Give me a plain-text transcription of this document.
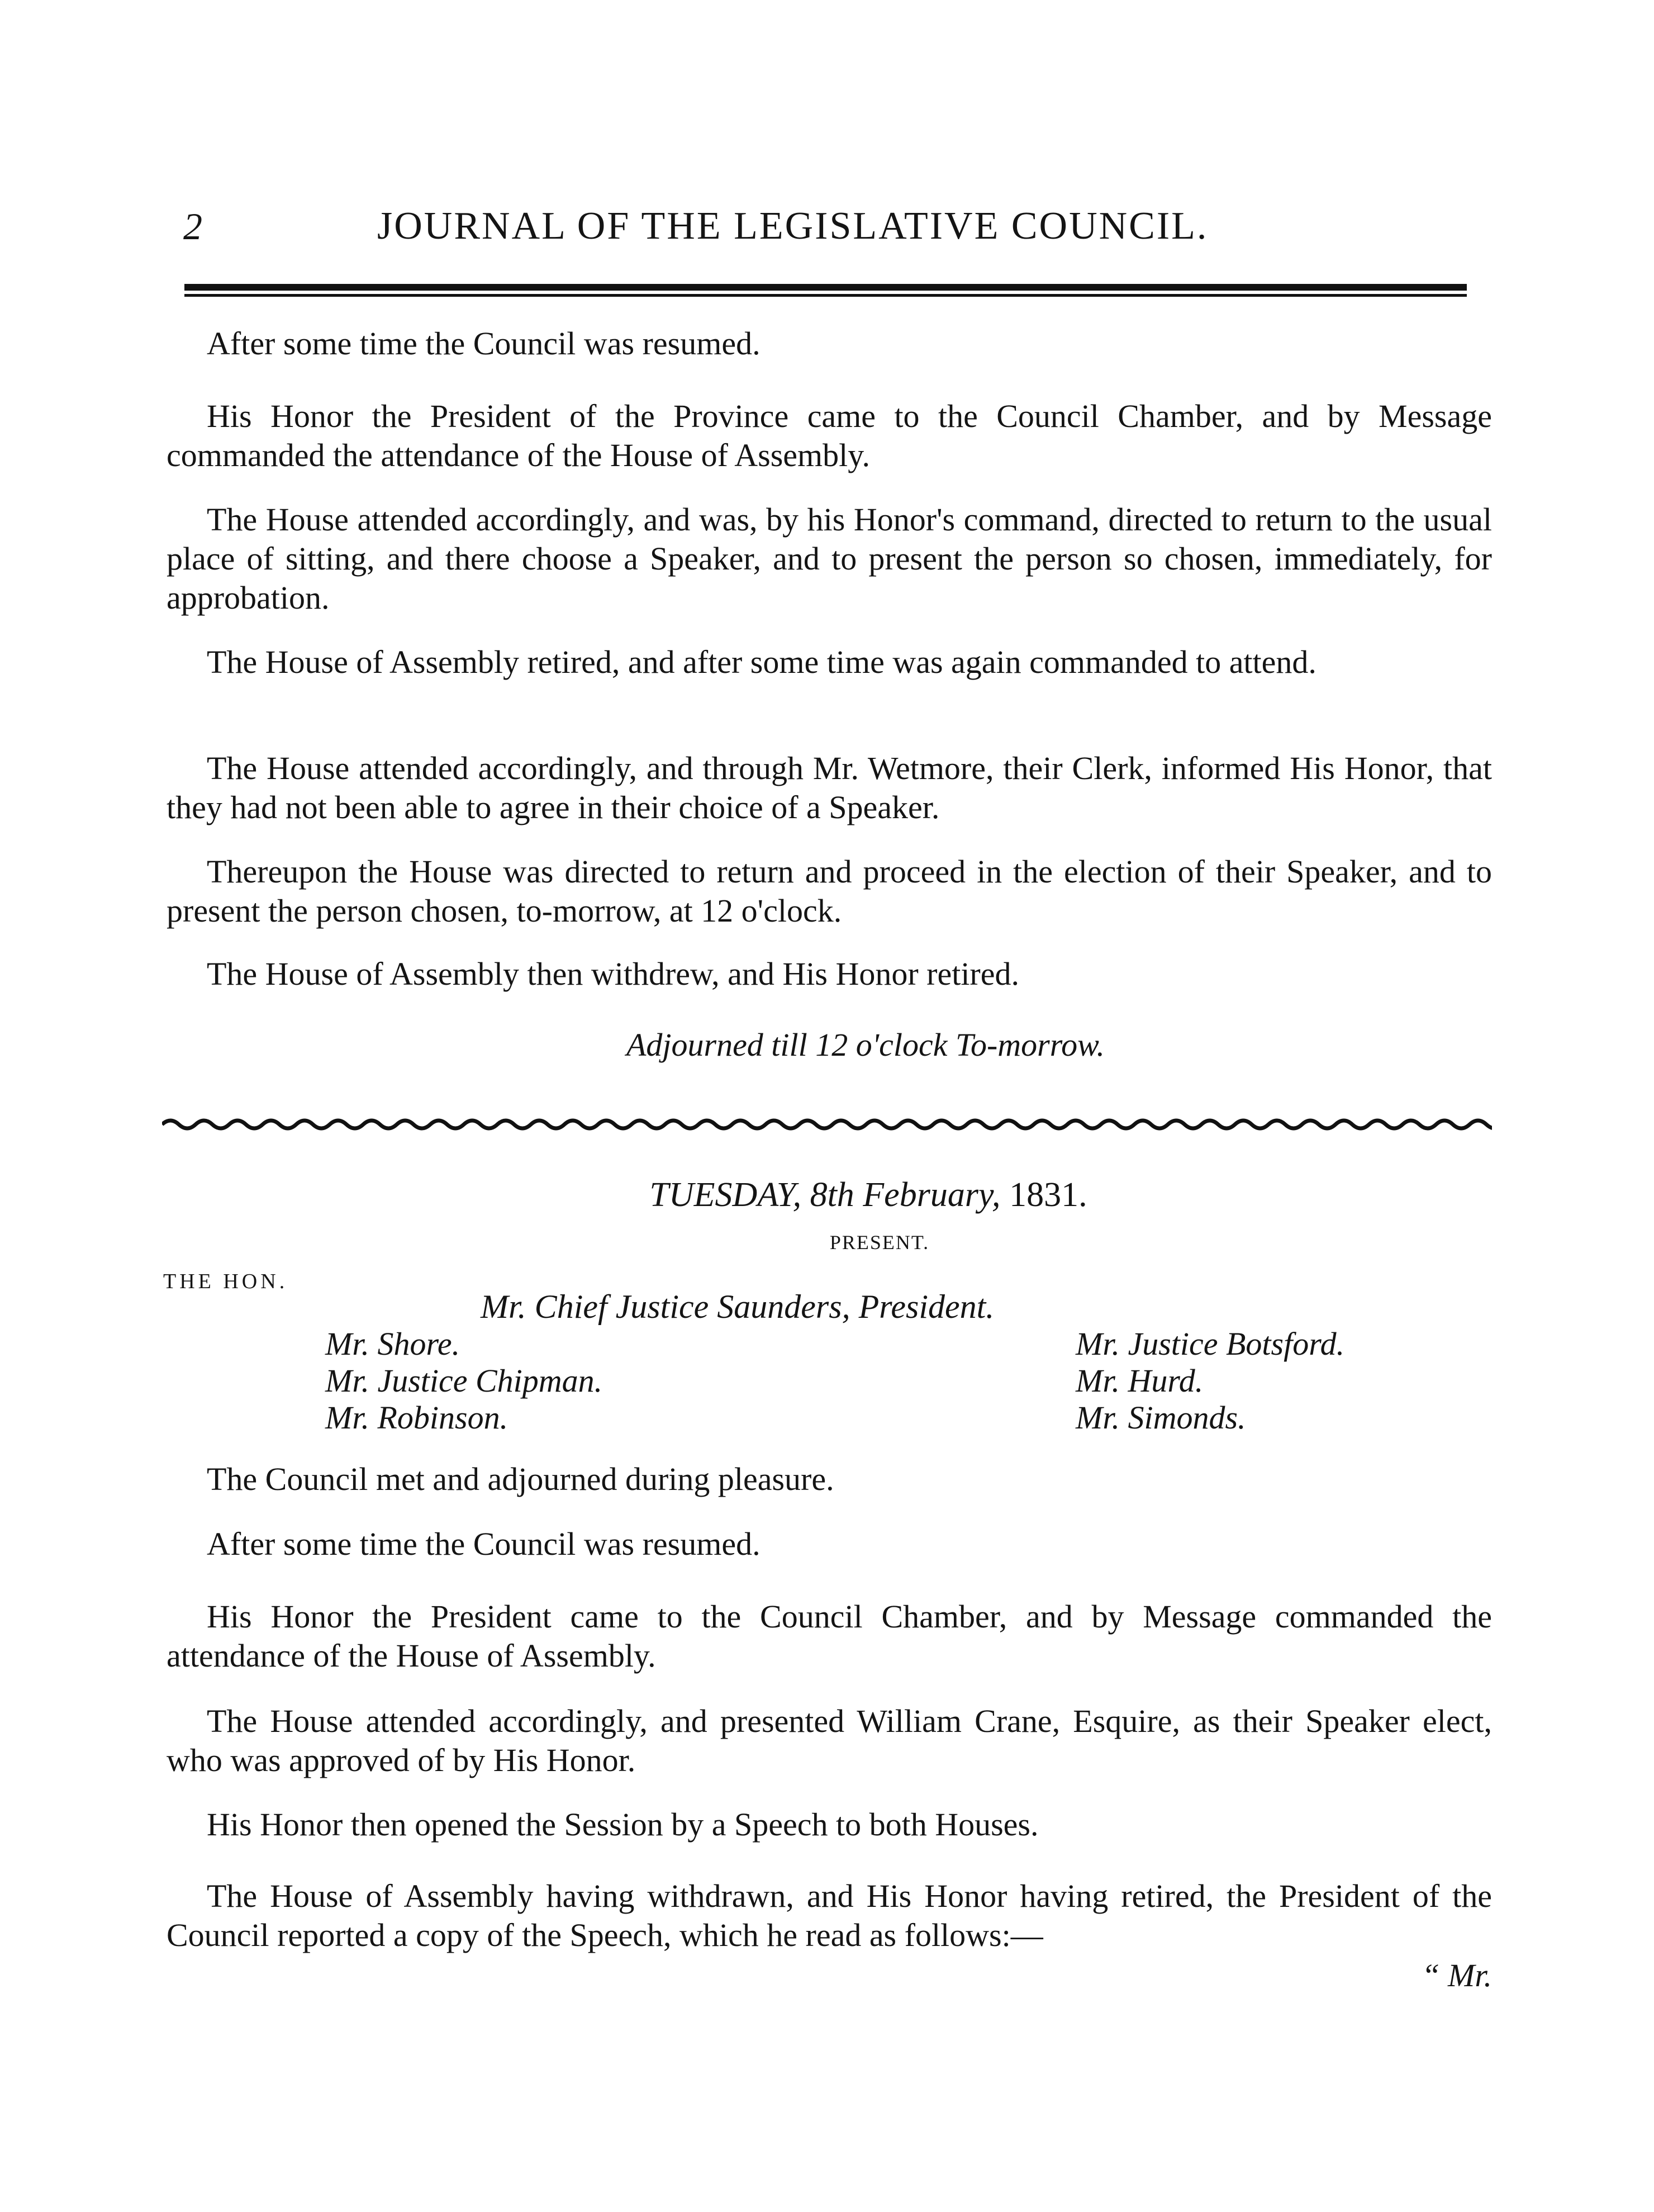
2	JOURNAL OF THE LEGISLATIVE COUNCIL.

After some time the Council was resumed.

His Honor the President of the Province came to the Council Chamber, and by Message commanded the attendance of the House of Assembly.

The House attended accordingly, and was, by his Honor's command, directed to return to the usual place of sitting, and there choose a Speaker, and to present the person so chosen, immediately, for approbation.

The House of Assembly retired, and after some time was again commanded to attend.

The House attended accordingly, and through Mr. Wetmore, their Clerk, informed His Honor, that they had not been able to agree in their choice of a Speaker.

Thereupon the House was directed to return and proceed in the election of their Speaker, and to present the person chosen, to-morrow, at 12 o'clock.

The House of Assembly then withdrew, and His Honor retired.

Adjourned till 12 o'clock To-morrow.
TUESDAY, 8th February, 1831.
PRESENT.
THE HON.
Mr. Chief Justice Saunders, President.
Mr. Shore.
Mr. Justice Chipman.
Mr. Robinson.
Mr. Justice Botsford.
Mr. Hurd.
Mr. Simonds.

The Council met and adjourned during pleasure.

After some time the Council was resumed.

His Honor the President came to the Council Chamber, and by Message commanded the attendance of the House of Assembly.

The House attended accordingly, and presented William Crane, Esquire, as their Speaker elect, who was approved of by His Honor.

His Honor then opened the Session by a Speech to both Houses.

The House of Assembly having withdrawn, and His Honor having retired, the President of the Council reported a copy of the Speech, which he read as follows:—

“ Mr.
